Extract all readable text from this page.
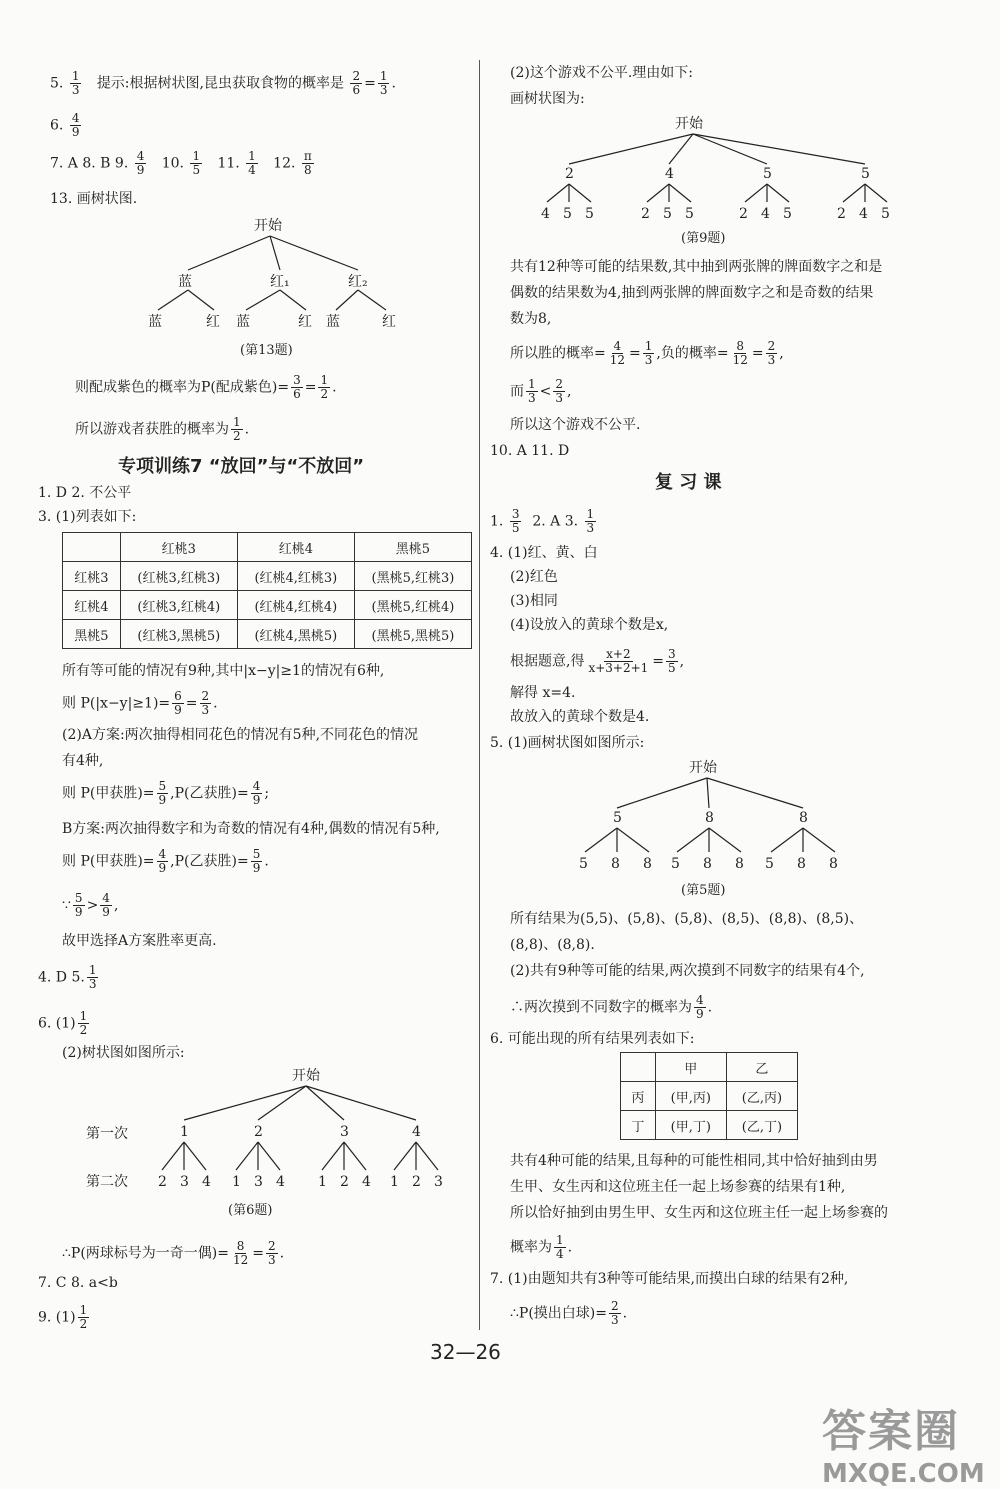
5. $\frac{1}{3}$ 提示:根据树状图,昆虫获取食物的概率是 $\frac{2}{6} = \frac{1}{3}$ .
6. $\frac{4}{9}$
7. A 8. B 9. $\frac{4}{9} 10$. $\frac{1}{5} 11$. $\frac{1}{4} 12$. $\frac{\pi}{8}$
13. 画树状图.
开始
蓝	红₁	红₂
蓝	红 蓝	红 蓝	红
(第13题)
则配成紫色的概率为P(配成紫色)= $\frac{3}{6} = \frac{1}{2}$ .
所以游戏者获胜的概率为 $\frac{1}{2}$ .
专项训练7 “放回”与“不放回”
1. D 2. 不公平
3. (1)列表如下:
	红桃3	红桃4	黑桃5
红桃3	(红桃3,红桃3)	(红桃4,红桃3)	(黑桃5,红桃3)
红桃4	(红桃3,红桃4)	(红桃4,红桃4)	(黑桃5,红桃4)
黑桃5	(红桃3,黑桃5)	(红桃4,黑桃5)	(黑桃5,黑桃5)
所有等可能的情况有9种,其中|x−y|≥1的情况有6种,
则 $P(|x-y|\ge 1)= \frac{6}{9} = \frac{2}{3}$ .
(2)A方案:两次抽得相同花色的情况有5种,不同花色的情况
有4种,
则 P(甲获胜)= $\frac{5}{9} ,P$(乙获胜)= $\frac{4}{9}$ ;
B方案:两次抽得数字和为奇数的情况有4种,偶数的情况有5种,
则 P(甲获胜)= $\frac{4}{9} ,P$(乙获胜)= $\frac{5}{9}$ .
∵ $\frac{5}{9} > \frac{4}{9}$ ,
故甲选择A方案胜率更高.
4. D 5. $\frac{1}{3}$
6. $(1) \frac{1}{2}$
(2)树状图如图所示:
开始
第一次
第二次
1	2	3	4
2 3 4 1 3 4 1 2 4 1 2 3
(第6题)
∴P(两球标号为一奇一偶)= $\frac{8}{12} = \frac{2}{3}$ .
7. C 8. a<b
9. $(1) \frac{1}{2}$
(2)这个游戏不公平.理由如下:
画树状图为:
开始
2	4	5	5
4 5 5	2 5 5	2 4 5	2 4 5
(第9题)
共有12种等可能的结果数,其中抽到两张牌的牌面数字之和是
偶数的结果数为4,抽到两张牌的牌面数字之和是奇数的结果
数为8,
所以胜的概率= $\frac{4}{12} = \frac{1}{3}$ ,负的概率= $\frac{8}{12} = \frac{2}{3}$ ,
而 $\frac{1}{3} < \frac{2}{3}$ ,
所以这个游戏不公平.
10. A 11. D
复 习 课
1. $\frac{3}{5} 2$. A 3. $\frac{1}{3}$
4. (1)红、黄、白
(2)红色
(3)相同
(4)设放入的黄球个数是x,
根据题意,得 $\frac{x+2}{x+3+2+1} = \frac{3}{5}$ ,
解得 x=4.
故放入的黄球个数是4.
5. (1)画树状图如图所示:
开始
5	8	8
5 8 8 5 8 8 5 8 8
(第5题)
所有结果为(5,5)、(5,8)、(5,8)、(8,5)、(8,8)、(8,5)、
(8,8)、(8,8).
(2)共有9种等可能的结果,两次摸到不同数字的结果有4个,
∴两次摸到不同数字的概率为 $\frac{4}{9}$ .
6. 可能出现的所有结果列表如下:
	甲	乙
丙	(甲,丙)	(乙,丙)
丁	(甲,丁)	(乙,丁)
共有4种可能的结果,且每种的可能性相同,其中恰好抽到由男
生甲、女生丙和这位班主任一起上场参赛的结果有1种,
所以恰好抽到由男生甲、女生丙和这位班主任一起上场参赛的
概率为 $\frac{1}{4}$ .
7. (1)由题知共有3种等可能结果,而摸出白球的结果有2种,
∴P(摸出白球)= $\frac{2}{3}$ .
32—26
答案圈
MXQE.COM
